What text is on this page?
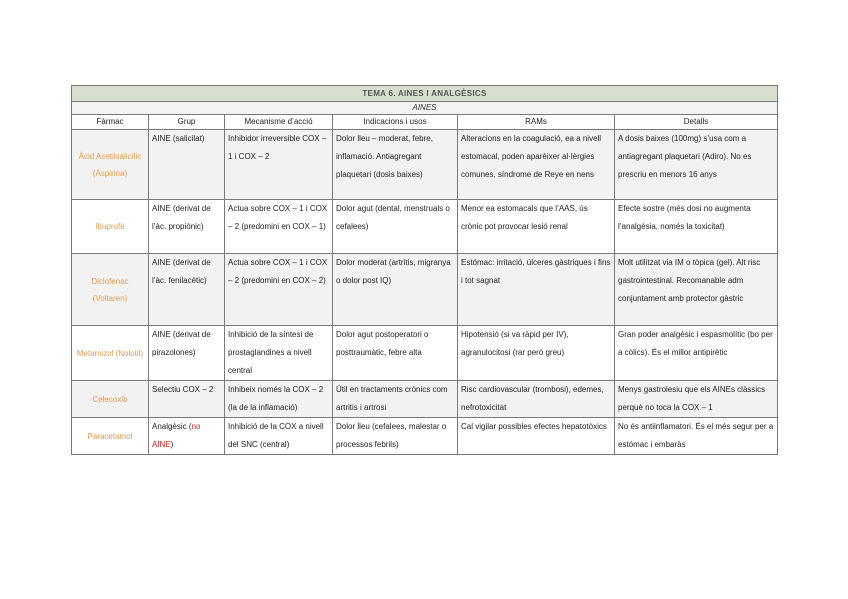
TEMA 6. AINES I ANALGÈSICS					
AINES					
Fàrmac	Grup	Mecanisme d’acció	Indicacions i usos	RAMs	Detalls
Àcid Acetilsalicílic (Aspirina)	AINE (salicilat)	Inhibidor irreversible COX – 1 i COX – 2	Dolor lleu – moderat, febre, inflamació. Antiagregant plaquetari (dosis baixes)	Alteracions en la coagulació, ea a nivell estomacal, poden aparèixer al·lèrgies comunes, síndrome de Reye en nens	A dosis baixes (100mg) s’usa com a antiagregant plaquetari (Adiro). No es prescriu en menors 16 anys
Ibuprofè	AINE (derivat de l’àc. propiònic)	Actua sobre COX – 1 i COX – 2 (predomini en COX – 1)	Dolor agut (dental, menstruals o cefalees)	Menor ea estomacals que l’AAS, ús crònic pot provocar lesió renal	Efecte sostre (més dosi no augmenta l’analgèsia, només la toxicitat)
Diclofenac (Voltaren)	AINE (derivat de l’àc. fenilacètic)	Actua sobre COX – 1 i COX – 2 (predomini en COX – 2)	Dolor moderat (artritis, migranya o dolor post IQ)	Estómac: irritació, úlceres gàstriques i fins i tot sagnat	Molt utilitzat via IM o tòpica (gel). Alt risc gastrointestinal. Recomanable adm conjuntament amb protector gàstric
Metamizol (Nolotil)	AINE (derivat de pirazolones)	Inhibició de la síntesi de prostaglandines a nivell central	Dolor agut postoperatori o posttraumàtic, febre alta	Hipotensió (si va ràpid per IV), agranulocitosi (rar però greu)	Gran poder analgèsic i espasmolític (bo per a còlics). És el millor antipirètic
Celecoxib	Selectiu COX – 2	Inhibeix només la COX – 2 (la de la inflamació)	Útil en tractaments crònics com artritis i artrosi	Risc cardiovascular (trombosi), edemes, nefrotoxicitat	Menys gastrolesiu que els AINEs clàssics perquè no toca la COX – 1
Paracetamol	Analgèsic (no AINE)	Inhibició de la COX a nivell del SNC (central)	Dolor lleu (cefalees, malestar o processos febrils)	Cal vigilar possibles efectes hepatotòxics	No és antiinflamatori. És el més segur per a estómac i embaràs
